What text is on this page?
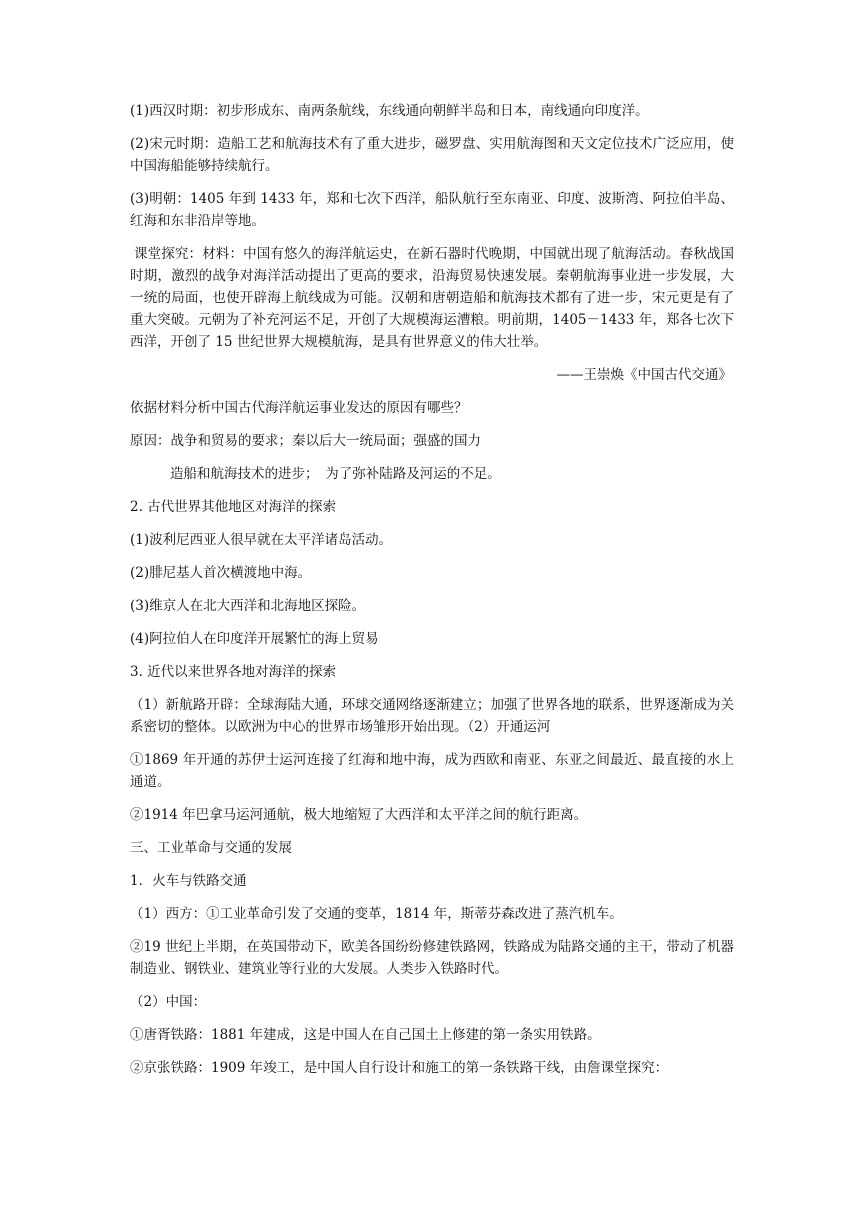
(1)西汉时期：初步形成东、南两条航线，东线通向朝鲜半岛和日本，南线通向印度洋。

(2)宋元时期：造船工艺和航海技术有了重大进步，磁罗盘、实用航海图和天文定位技术广泛应用，使中国海船能够持续航行。

(3)明朝：1405 年到 1433 年，郑和七次下西洋，船队航行至东南亚、印度、波斯湾、阿拉伯半岛、红海和东非沿岸等地。

课堂探究：材料：中国有悠久的海洋航运史，在新石器时代晚期，中国就出现了航海活动。春秋战国时期，激烈的战争对海洋活动提出了更高的要求，沿海贸易快速发展。秦朝航海事业进一步发展，大一统的局面，也使开辟海上航线成为可能。汉朝和唐朝造船和航海技术都有了进一步，宋元更是有了重大突破。元朝为了补充河运不足，开创了大规模海运漕粮。明前期，1405－1433 年，郑各七次下西洋，开创了 15 世纪世界大规模航海，是具有世界意义的伟大壮举。

——王崇焕《中国古代交通》

依据材料分析中国古代海洋航运事业发达的原因有哪些？

原因：战争和贸易的要求；秦以后大一统局面；强盛的国力

造船和航海技术的进步；　为了弥补陆路及河运的不足。

2. 古代世界其他地区对海洋的探索

(1)波利尼西亚人很早就在太平洋诸岛活动。

(2)腓尼基人首次横渡地中海。

(3)维京人在北大西洋和北海地区探险。

(4)阿拉伯人在印度洋开展繁忙的海上贸易

3. 近代以来世界各地对海洋的探索

（1）新航路开辟：全球海陆大通，环球交通网络逐渐建立；加强了世界各地的联系，世界逐渐成为关系密切的整体。以欧洲为中心的世界市场雏形开始出现。（2）开通运河

①1869 年开通的苏伊士运河连接了红海和地中海，成为西欧和南亚、东亚之间最近、最直接的水上通道。

②1914 年巴拿马运河通航，极大地缩短了大西洋和太平洋之间的航行距离。

三、工业革命与交通的发展

1．火车与铁路交通

（1）西方：①工业革命引发了交通的变革，1814 年，斯蒂芬森改进了蒸汽机车。

②19 世纪上半期，在英国带动下，欧美各国纷纷修建铁路网，铁路成为陆路交通的主干，带动了机器制造业、钢铁业、建筑业等行业的大发展。人类步入铁路时代。

（2）中国：

①唐胥铁路：1881 年建成，这是中国人在自己国土上修建的第一条实用铁路。

②京张铁路：1909 年竣工，是中国人自行设计和施工的第一条铁路干线，由詹课堂探究：
